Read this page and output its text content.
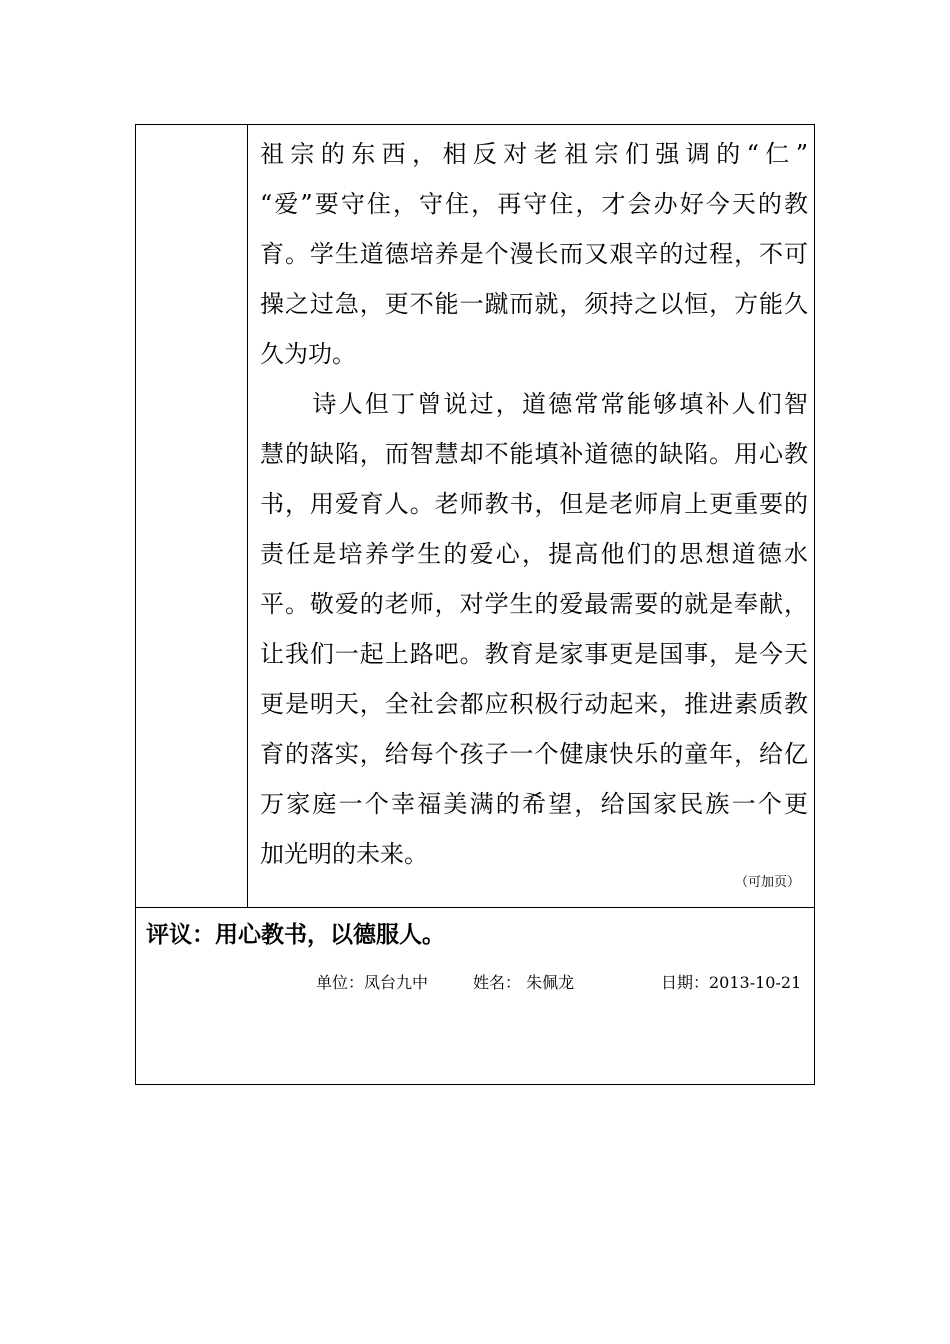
祖宗的东西，相反对老祖宗们强调的“仁”
“爱”要守住，守住，再守住，才会办好今天的教
育。学生道德培养是个漫长而又艰辛的过程，不可
操之过急，更不能一蹴而就，须持之以恒，方能久
久为功。
　　诗人但丁曾说过，道德常常能够填补人们智
慧的缺陷，而智慧却不能填补道德的缺陷。用心教
书，用爱育人。老师教书，但是老师肩上更重要的
责任是培养学生的爱心，提高他们的思想道德水
平。敬爱的老师，对学生的爱最需要的就是奉献，
让我们一起上路吧。教育是家事更是国事，是今天
更是明天，全社会都应积极行动起来，推进素质教
育的落实，给每个孩子一个健康快乐的童年，给亿
万家庭一个幸福美满的希望，给国家民族一个更
加光明的未来。
（可加页）
评议：用心教书，以德服人。
单位：凤台九中	姓名： 朱佩龙	日期：2013-10-21
